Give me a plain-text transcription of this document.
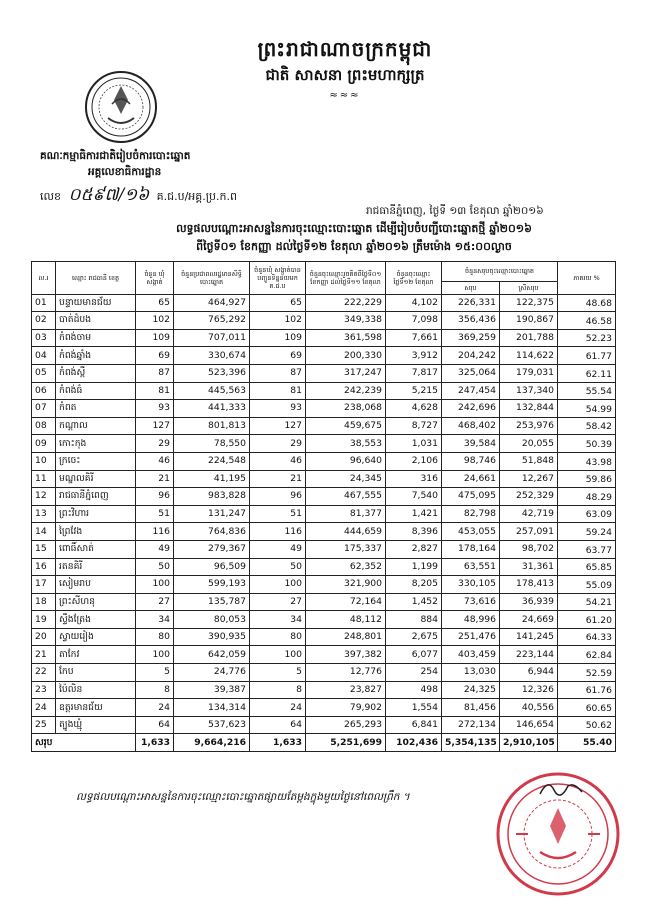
ព្រះរាជាណាចក្រកម្ពុជា
ជាតិ សាសនា ព្រះមហាក្សត្រ
≈≈≈
គណៈកម្មាធិការជាតិរៀបចំការបោះឆ្នោត
អគ្គលេខាធិការដ្ឋាន
លេខ ០៥៩៧/១៦ គ.ជ.ប/អគ្គ.ប្រ.ក.ព
រាជធានីភ្នំពេញ, ថ្ងៃទី ១៣ ខែតុលា ឆ្នាំ២០១៦
លទ្ធផលបណ្តោះអាសន្ននៃការចុះឈ្មោះបោះឆ្នោត ដើម្បីរៀបចំបញ្ជីបោះឆ្នោតថ្មី ឆ្នាំ២០១៦
ពីថ្ងៃទី០១ ខែកញ្ញា ដល់ថ្ងៃទី១២ ខែតុលា ឆ្នាំ២០១៦ ត្រឹមម៉ោង ១៥:០០ល្ងាច
ល.រ	ឈ្មោះ រាជធានី ខេត្ត	ចំនួន ឃុំ សង្កាត់	ចំនួនប្រជាពលរដ្ឋមានសិទ្ធិបោះឆ្នោត	ចំនួនឃុំ សង្កាត់បានបញ្ជូនទិន្នន័យមក គ.ជ.ប	ចំនួនចុះឈ្មោះរួចគិតពីថ្ងៃទី០១ ខែកញ្ញា ដល់ថ្ងៃទី១១ ខែតុលា	ចំនួនចុះឈ្មោះថ្ងៃទី១២ ខែតុលា	ចំនួនសរុបចុះឈ្មោះបោះឆ្នោត		ភាគរយ %
							សរុប	ស្រីសរុប	
01	បន្ទាយមានជ័យ	65	464,927	65	222,229	4,102	226,331	122,375	48.68
02	បាត់ដំបង	102	765,292	102	349,338	7,098	356,436	190,867	46.58
03	កំពង់ចាម	109	707,011	109	361,598	7,661	369,259	201,788	52.23
04	កំពង់ឆ្នាំង	69	330,674	69	200,330	3,912	204,242	114,622	61.77
05	កំពង់ស្ពឺ	87	523,396	87	317,247	7,817	325,064	179,031	62.11
06	កំពង់ធំ	81	445,563	81	242,239	5,215	247,454	137,340	55.54
07	កំពត	93	441,333	93	238,068	4,628	242,696	132,844	54.99
08	កណ្តាល	127	801,813	127	459,675	8,727	468,402	253,976	58.42
09	កោះកុង	29	78,550	29	38,553	1,031	39,584	20,055	50.39
10	ក្រចេះ	46	224,548	46	96,640	2,106	98,746	51,848	43.98
11	មណ្ឌលគិរី	21	41,195	21	24,345	316	24,661	12,267	59.86
12	រាជធានីភ្នំពេញ	96	983,828	96	467,555	7,540	475,095	252,329	48.29
13	ព្រះវិហារ	51	131,247	51	81,377	1,421	82,798	42,719	63.09
14	ព្រៃវែង	116	764,836	116	444,659	8,396	453,055	257,091	59.24
15	ពោធិ៍សាត់	49	279,367	49	175,337	2,827	178,164	98,702	63.77
16	រតនគិរី	50	96,509	50	62,352	1,199	63,551	31,361	65.85
17	សៀមរាប	100	599,193	100	321,900	8,205	330,105	178,413	55.09
18	ព្រះសីហនុ	27	135,787	27	72,164	1,452	73,616	36,939	54.21
19	ស្ទឹងត្រែង	34	80,053	34	48,112	884	48,996	24,669	61.20
20	ស្វាយរៀង	80	390,935	80	248,801	2,675	251,476	141,245	64.33
21	តាកែវ	100	642,059	100	397,382	6,077	403,459	223,144	62.84
22	កែប	5	24,776	5	12,776	254	13,030	6,944	52.59
23	ប៉ៃលិន	8	39,387	8	23,827	498	24,325	12,326	61.76
24	ឧត្តរមានជ័យ	24	134,314	24	79,902	1,554	81,456	40,556	60.65
25	ត្បូងឃ្មុំ	64	537,623	64	265,293	6,841	272,134	146,654	50.62
សរុប		1,633	9,664,216	1,633	5,251,699	102,436	5,354,135	2,910,105	55.40
លទ្ធផលបណ្តោះអាសន្ននៃការចុះឈ្មោះបោះឆ្នោតផ្សាយតែម្តងក្នុងមួយថ្ងៃនៅពេលព្រឹក ។
